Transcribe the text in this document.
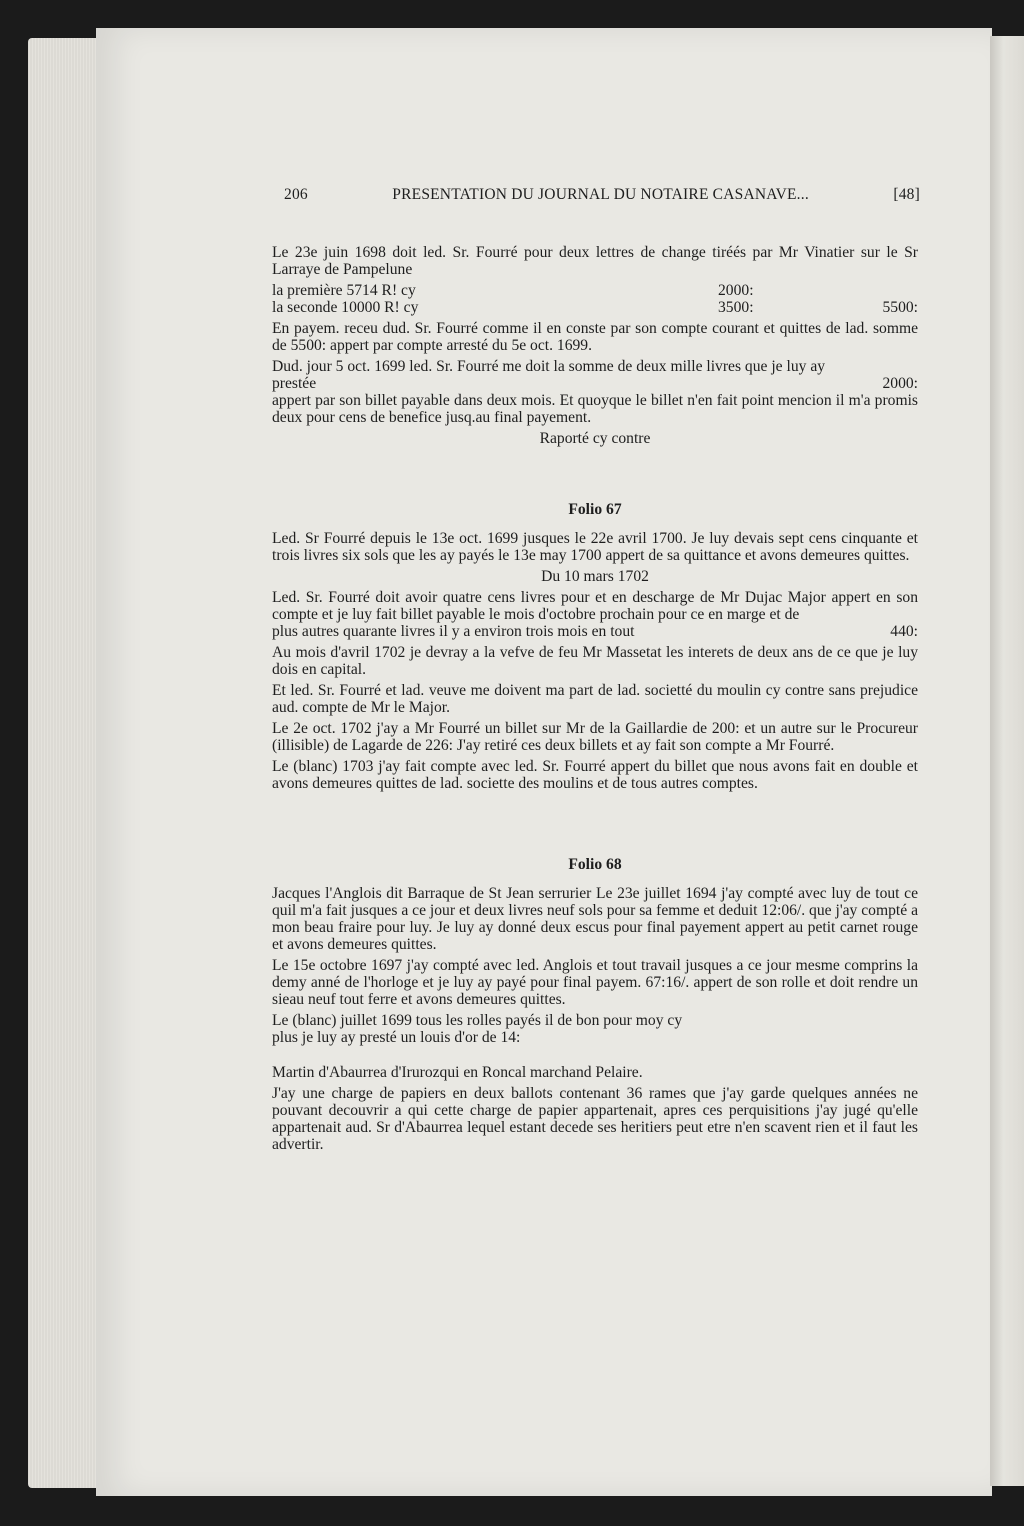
206	PRESENTATION DU JOURNAL DU NOTAIRE CASANAVE...	[48]

Le 23e juin 1698 doit led. Sr. Fourré pour deux lettres de change tiréés par Mr Vinatier sur le Sr Larraye de Pampelune

la première 5714 R! cy	2000:
la seconde 10000 R! cy	3500:	5500:

En payem. receu dud. Sr. Fourré comme il en conste par son compte courant et quittes de lad. somme de 5500: appert par compte arresté du 5e oct. 1699.

Dud. jour 5 oct. 1699 led. Sr. Fourré me doit la somme de deux mille livres que je luy ay

prestée	2000:

appert par son billet payable dans deux mois. Et quoyque le billet n'en fait point mencion il m'a promis deux pour cens de benefice jusq.au final payement.

Raporté cy contre

Folio 67

Led. Sr Fourré depuis le 13e oct. 1699 jusques le 22e avril 1700. Je luy devais sept cens cinquante et trois livres six sols que les ay payés le 13e may 1700 appert de sa quittance et avons demeures quittes.

Du 10 mars 1702

Led. Sr. Fourré doit avoir quatre cens livres pour et en descharge de Mr Dujac Major appert en son compte et je luy fait billet payable le mois d'octobre prochain pour ce en marge et de

plus autres quarante livres il y a environ trois mois en tout	440:

Au mois d'avril 1702 je devray a la vefve de feu Mr Massetat les interets de deux ans de ce que je luy dois en capital.

Et led. Sr. Fourré et lad. veuve me doivent ma part de lad. societté du moulin cy contre sans prejudice aud. compte de Mr le Major.

Le 2e oct. 1702 j'ay a Mr Fourré un billet sur Mr de la Gaillardie de 200: et un autre sur le Procureur (illisible) de Lagarde de 226: J'ay retiré ces deux billets et ay fait son compte a Mr Fourré.

Le (blanc) 1703 j'ay fait compte avec led. Sr. Fourré appert du billet que nous avons fait en double et avons demeures quittes de lad. societte des moulins et de tous autres comptes.

Folio 68

Jacques l'Anglois dit Barraque de St Jean serrurier Le 23e juillet 1694 j'ay compté avec luy de tout ce quil m'a fait jusques a ce jour et deux livres neuf sols pour sa femme et deduit 12:06/. que j'ay compté a mon beau fraire pour luy. Je luy ay donné deux escus pour final payement appert au petit carnet rouge et avons demeures quittes.

Le 15e octobre 1697 j'ay compté avec led. Anglois et tout travail jusques a ce jour mesme comprins la demy anné de l'horloge et je luy ay payé pour final payem. 67:16/. appert de son rolle et doit rendre un sieau neuf tout ferre et avons demeures quittes.

Le (blanc) juillet 1699 tous les rolles payés il de bon pour moy cy

plus je luy ay presté un louis d'or de 14:

Martin d'Abaurrea d'Irurozqui en Roncal marchand Pelaire.

J'ay une charge de papiers en deux ballots contenant 36 rames que j'ay garde quelques années ne pouvant decouvrir a qui cette charge de papier appartenait, apres ces perquisitions j'ay jugé qu'elle appartenait aud. Sr d'Abaurrea lequel estant decede ses heritiers peut etre n'en scavent rien et il faut les advertir.
